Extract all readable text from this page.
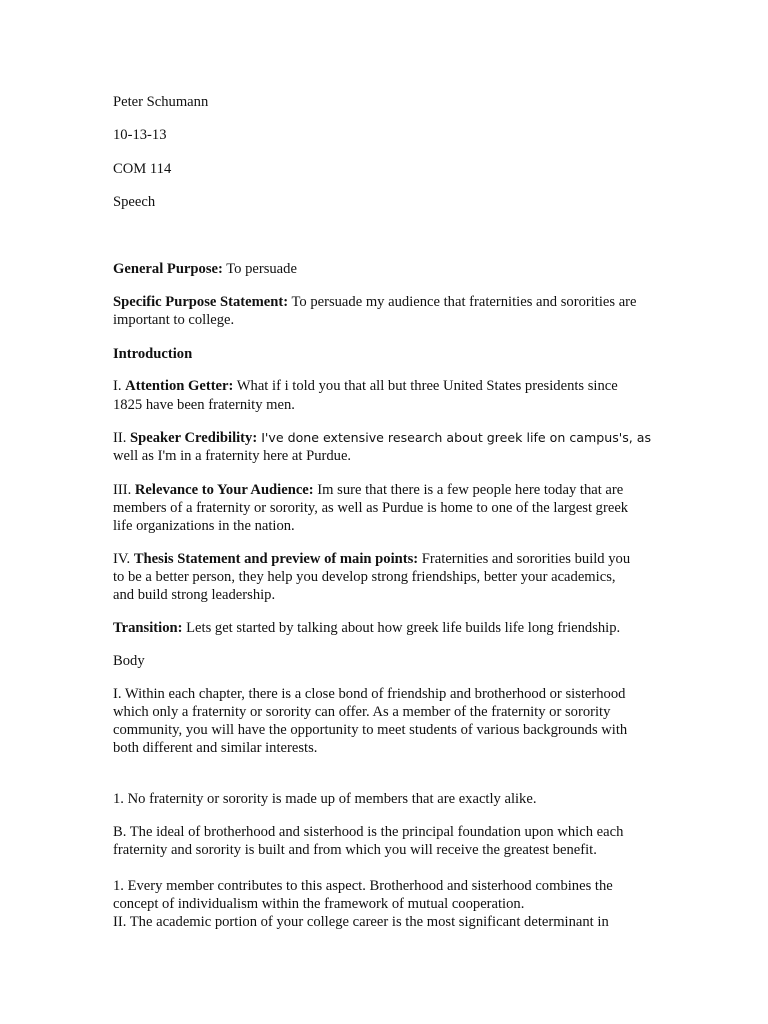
Peter Schumann
10-13-13
COM 114
Speech
General Purpose: To persuade
Specific Purpose Statement: To persuade my audience that fraternities and sororities are
important to college.
Introduction
I. Attention Getter: What if i told you that all but three United States presidents since
1825 have been fraternity men.
II. Speaker Credibility: I've done extensive research about greek life on campus's, as
well as I'm in a fraternity here at Purdue.
III. Relevance to Your Audience: Im sure that there is a few people here today that are
members of a fraternity or sorority, as well as Purdue is home to one of the largest greek
life organizations in the nation.
IV. Thesis Statement and preview of main points: Fraternities and sororities build you
to be a better person, they help you develop strong friendships, better your academics,
and build strong leadership.
Transition: Lets get started by talking about how greek life builds life long friendship.
Body
I. Within each chapter, there is a close bond of friendship and brotherhood or sisterhood
which only a fraternity or sorority can offer. As a member of the fraternity or sorority
community, you will have the opportunity to meet students of various backgrounds with
both different and similar interests.
1. No fraternity or sorority is made up of members that are exactly alike.
B. The ideal of brotherhood and sisterhood is the principal foundation upon which each
fraternity and sorority is built and from which you will receive the greatest benefit.
1. Every member contributes to this aspect. Brotherhood and sisterhood combines the
concept of individualism within the framework of mutual cooperation.
II. The academic portion of your college career is the most significant determinant in
